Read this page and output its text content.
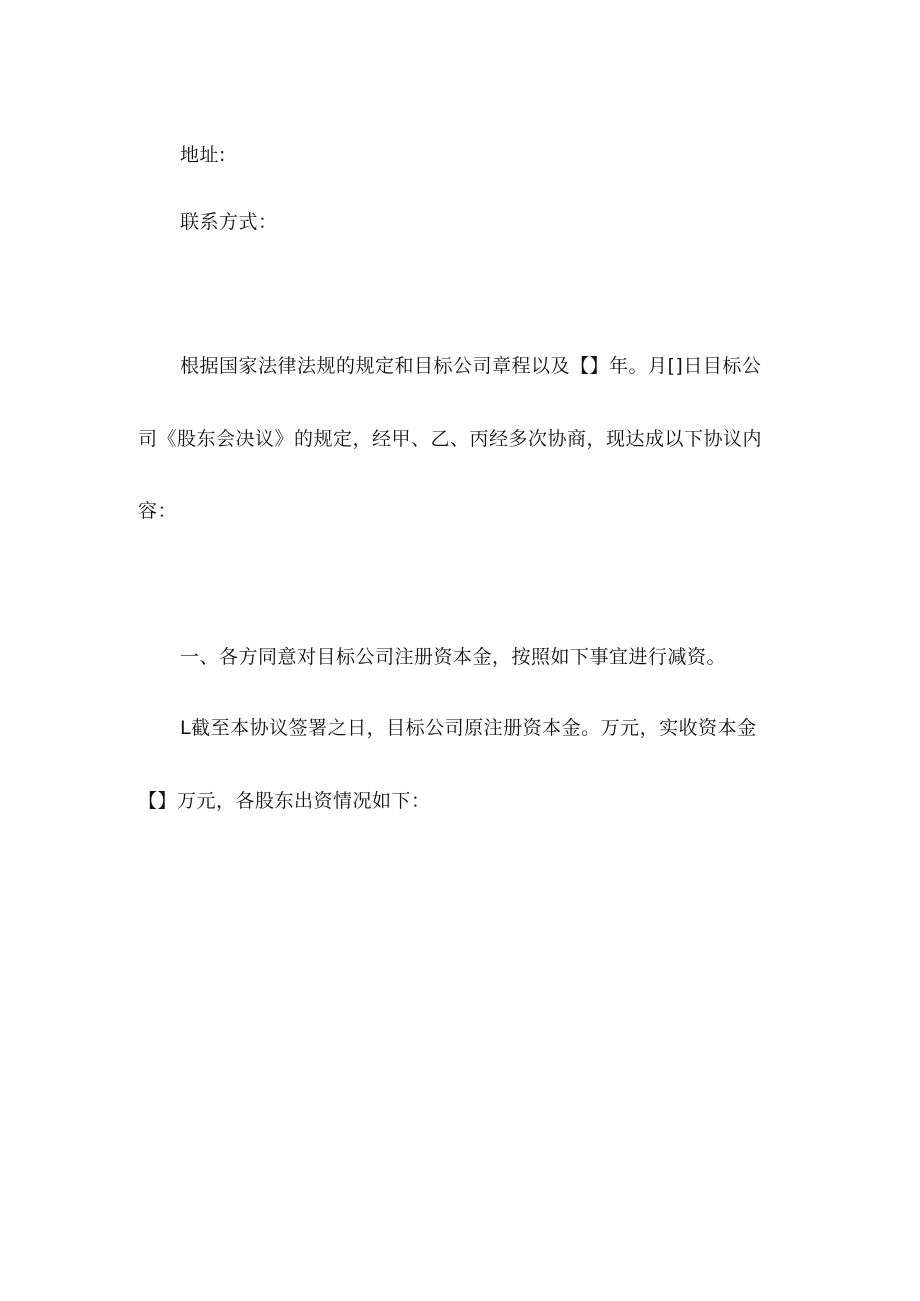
地址:
联系方式：
根据国家法律法规的规定和目标公司章程以及【】年。月[]日目标公
司《股东会决议》的规定，经甲、乙、丙经多次协商，现达成以下协议内
容：
一、各方同意对目标公司注册资本金，按照如下事宜进行减资。
L截至本协议签署之日，目标公司原注册资本金。万元，实收资本金
【】万元，各股东出资情况如下：
